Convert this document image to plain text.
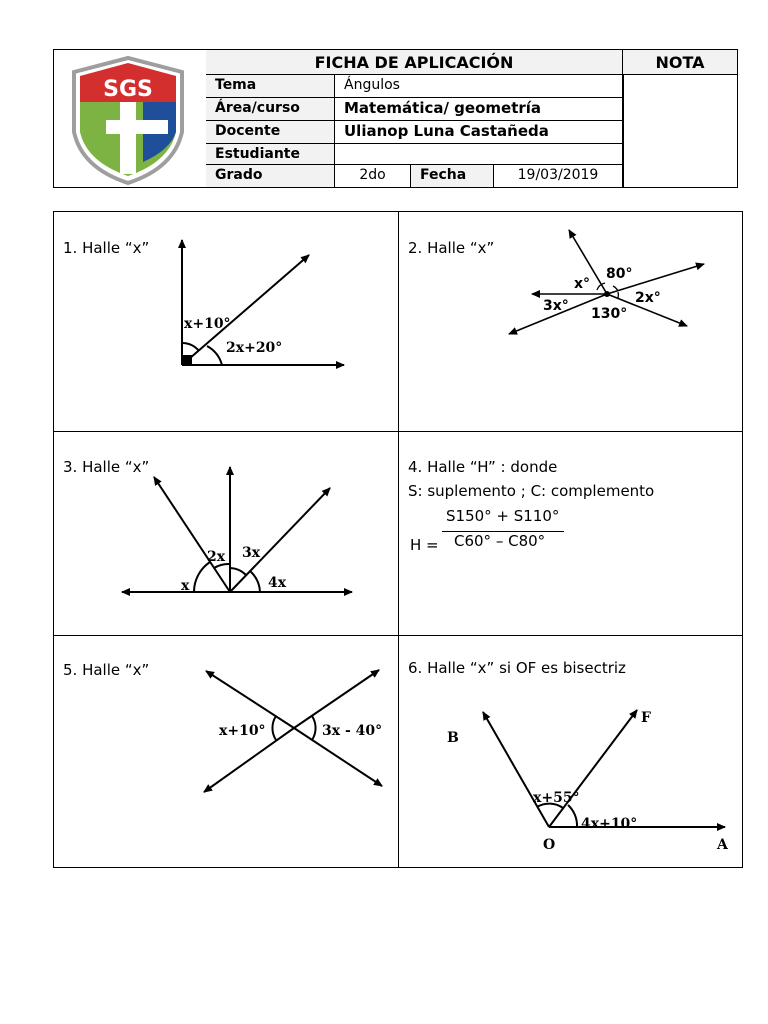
SGS
FICHA DE APLICACIÓN	NOTA
Tema	Ángulos
Área/curso	Matemática/ geometría
Docente	Ulianop Luna Castañeda
Estudiante
Grado	2do	Fecha	19/03/2019
1. Halle “x”
x+10°
2x+20°
2. Halle “x”
x°
80°
3x°	2x°
130°
3. Halle “x”
x
2x 3x
4x
4. Halle “H” : donde
S: suplemento ; C: complemento
H =
S150° + S110°
C60° – C80°
5. Halle “x”
x+10°	3x - 40°
6. Halle “x” si OF es bisectriz
B
F
O	A
x+55°
4x+10°
